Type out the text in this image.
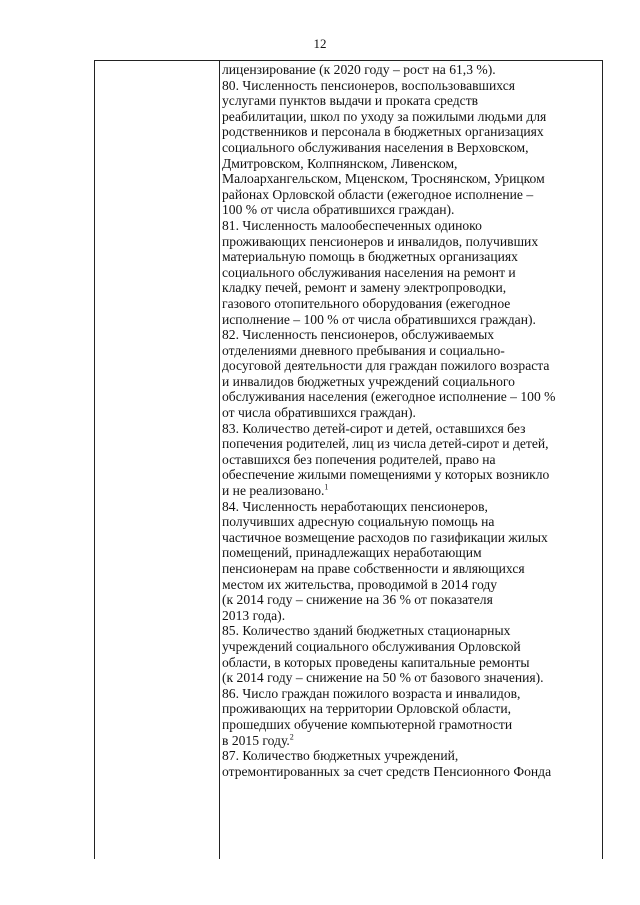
12
лицензирование (к 2020 году – рост на 61,3 %).
80. Численность пенсионеров, воспользовавшихся
услугами пунктов выдачи и проката средств
реабилитации, школ по уходу за пожилыми людьми для
родственников и персонала в бюджетных организациях
социального обслуживания населения в Верховском,
Дмитровском, Колпнянском, Ливенском,
Малоархангельском, Мценском, Троснянском, Урицком
районах Орловской области (ежегодное исполнение –
100 % от числа обратившихся граждан).
81. Численность малообеспеченных одиноко
проживающих пенсионеров и инвалидов, получивших
материальную помощь в бюджетных организациях
социального обслуживания населения на ремонт и
кладку печей, ремонт и замену электропроводки,
газового отопительного оборудования (ежегодное
исполнение – 100 % от числа обратившихся граждан).
82. Численность пенсионеров, обслуживаемых
отделениями дневного пребывания и социально-
досуговой деятельности для граждан пожилого возраста
и инвалидов бюджетных учреждений социального
обслуживания населения (ежегодное исполнение – 100 %
от числа обратившихся граждан).
83. Количество детей-сирот и детей, оставшихся без
попечения родителей, лиц из числа детей-сирот и детей,
оставшихся без попечения родителей, право на
обеспечение жилыми помещениями у которых возникло
и не реализовано.$^1$
84. Численность неработающих пенсионеров,
получивших адресную социальную помощь на
частичное возмещение расходов по газификации жилых
помещений, принадлежащих неработающим
пенсионерам на праве собственности и являющихся
местом их жительства, проводимой в 2014 году
(к 2014 году – снижение на 36 % от показателя
2013 года).
85. Количество зданий бюджетных стационарных
учреждений социального обслуживания Орловской
области, в которых проведены капитальные ремонты
(к 2014 году – снижение на 50 % от базового значения).
86. Число граждан пожилого возраста и инвалидов,
проживающих на территории Орловской области,
прошедших обучение компьютерной грамотности
в 2015 году.$^2$
87. Количество бюджетных учреждений,
отремонтированных за счет средств Пенсионного Фонда
